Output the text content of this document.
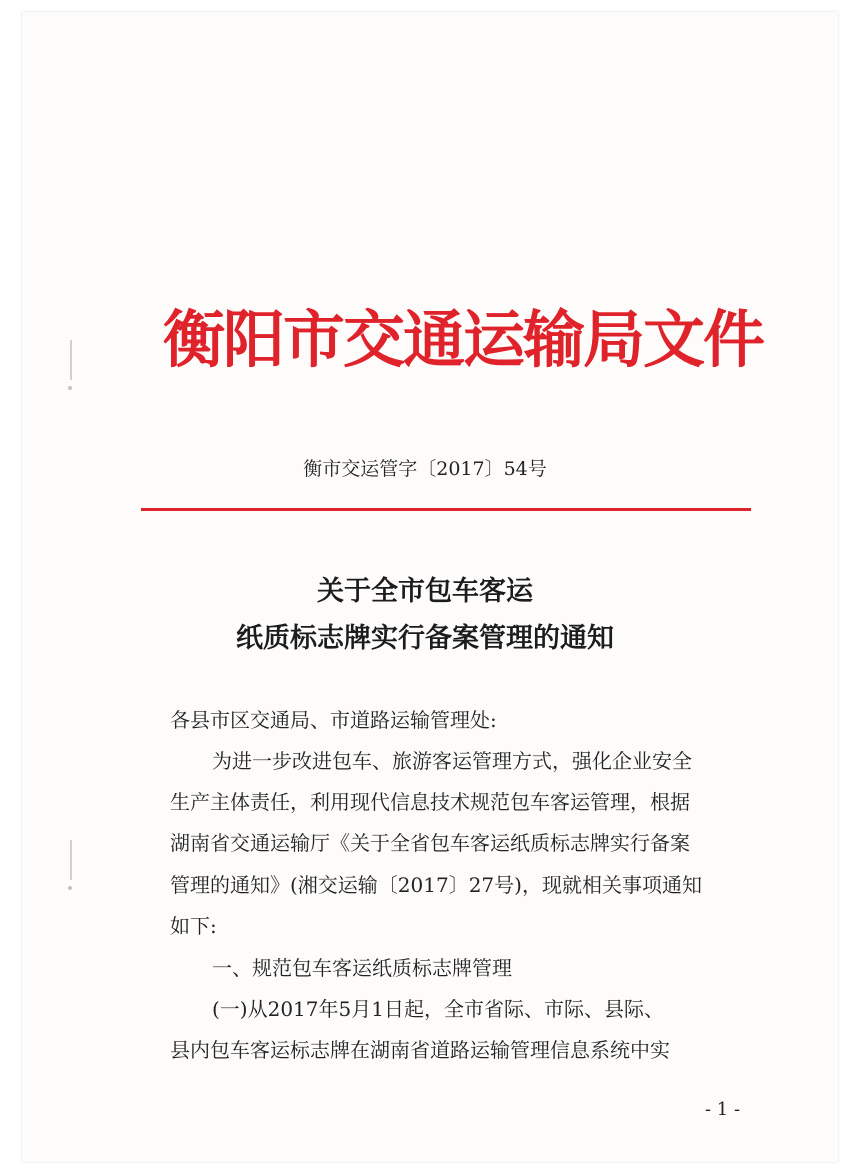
衡阳市交通运输局文件
衡市交运管字〔2017〕54号
关于全市包车客运
纸质标志牌实行备案管理的通知
各县市区交通局、市道路运输管理处:
为进一步改进包车、旅游客运管理方式，强化企业安全
生产主体责任，利用现代信息技术规范包车客运管理，根据
湖南省交通运输厅《关于全省包车客运纸质标志牌实行备案
管理的通知》(湘交运输〔2017〕27号)，现就相关事项通知
如下:
一、规范包车客运纸质标志牌管理
(一)从2017年5月1日起，全市省际、市际、县际、
县内包车客运标志牌在湖南省道路运输管理信息系统中实
- 1 -
